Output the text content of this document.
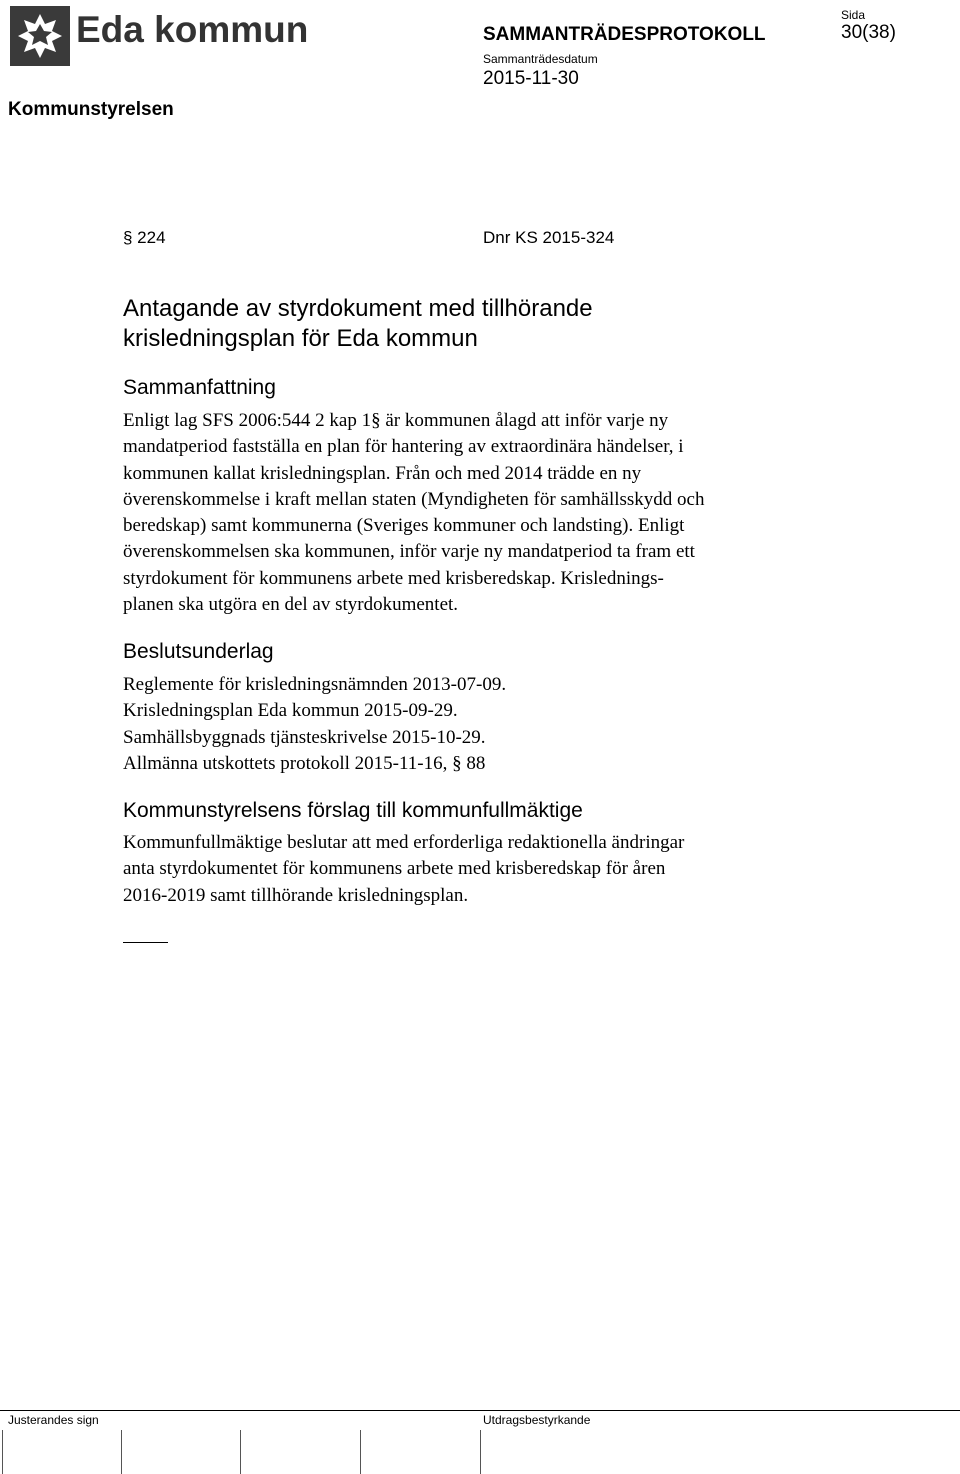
Eda kommun
Kommunstyrelsen
SAMMANTRÄDESPROTOKOLL
Sammanträdesdatum
2015-11-30
Sida
30(38)
§ 224	Dnr KS 2015-324
Antagande av styrdokument med tillhörande
krisledningsplan för Eda kommun
Sammanfattning
Enligt lag SFS 2006:544 2 kap 1§ är kommunen ålagd att inför varje ny
mandatperiod fastställa en plan för hantering av extraordinära händelser, i
kommunen kallat krisledningsplan. Från och med 2014 trädde en ny
överenskommelse i kraft mellan staten (Myndigheten för samhällsskydd och
beredskap) samt kommunerna (Sveriges kommuner och landsting). Enligt
överenskommelsen ska kommunen, inför varje ny mandatperiod ta fram ett
styrdokument för kommunens arbete med krisberedskap. Krislednings-
planen ska utgöra en del av styrdokumentet.
Beslutsunderlag
Reglemente för krisledningsnämnden 2013-07-09.
Krisledningsplan Eda kommun 2015-09-29.
Samhällsbyggnads tjänsteskrivelse 2015-10-29.
Allmänna utskottets protokoll 2015-11-16, § 88
Kommunstyrelsens förslag till kommunfullmäktige
Kommunfullmäktige beslutar att med erforderliga redaktionella ändringar
anta styrdokumentet för kommunens arbete med krisberedskap för åren
2016-2019 samt tillhörande krisledningsplan.
Justerandes sign	Utdragsbestyrkande
